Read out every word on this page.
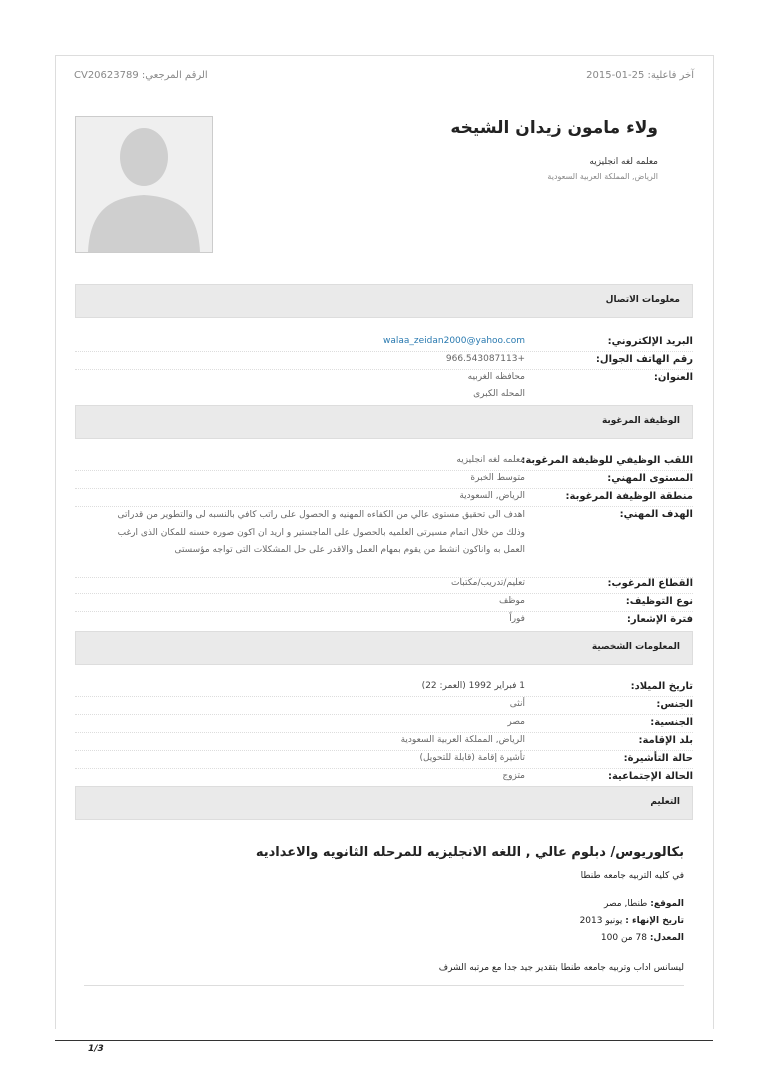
الرقم المرجعي: CV20623789	آخر فاعلية: 25-01-2015
ولاء مامون زيدان الشيخه
معلمه لغه انجليزيه
الرياض, المملكة العربية السعودية
معلومات الاتصال
البريد الإلكتروني:
walaa_zeidan2000@yahoo.com
رقم الهاتف الجوال:
+966.543087113
العنوان:
محافظه الغربيه
المحله الكبرى
الوظيفة المرغوبة
اللقب الوظيفي للوظيفة المرغوبة:
معلمه لغه انجليزيه
المستوى المهني:
متوسط الخبرة
منطقة الوظيفة المرغوبة:
الرياض, السعودية
الهدف المهني:
اهدف الى تحقيق مستوى عالي من الكفاءه المهنيه و الحصول على راتب كافي بالنسبه لى والتطوير من قدراتى وذلك من خلال اتمام مسيرتى العلميه بالحصول على الماجستير و اريد ان اكون صوره حسنه للمكان الذى ارغب العمل به واناكون انشط من يقوم بمهام العمل والاقدر على حل المشكلات التى تواجه مؤسستى
القطاع المرغوب:
تعليم/تدريب/مكتبات
نوع التوظيف:
موظف
فترة الإشعار:
فوراً
المعلومات الشخصية
تاريخ الميلاد:
1 فبراير 1992 (العمر: 22)
الجنس:
أنثى
الجنسية:
مصر
بلد الإقامة:
الرياض, المملكة العربية السعودية
حالة التأشيرة:
تأشيرة إقامة (قابلة للتحويل)
الحالة الإجتماعية:
متزوج
التعليم
بكالوريوس/ دبلوم عالي , اللغه الانجليزيه للمرحله الثانويه والاعداديه
في كليه التربيه جامعه طنطا
الموقع: طنطا, مصر
تاريخ الإنهاء : يونيو 2013
المعدل: 78 من 100
ليسانس اداب وتربيه جامعه طنطا بتقدير جيد جدا مع مرتبه الشرف
1/3
